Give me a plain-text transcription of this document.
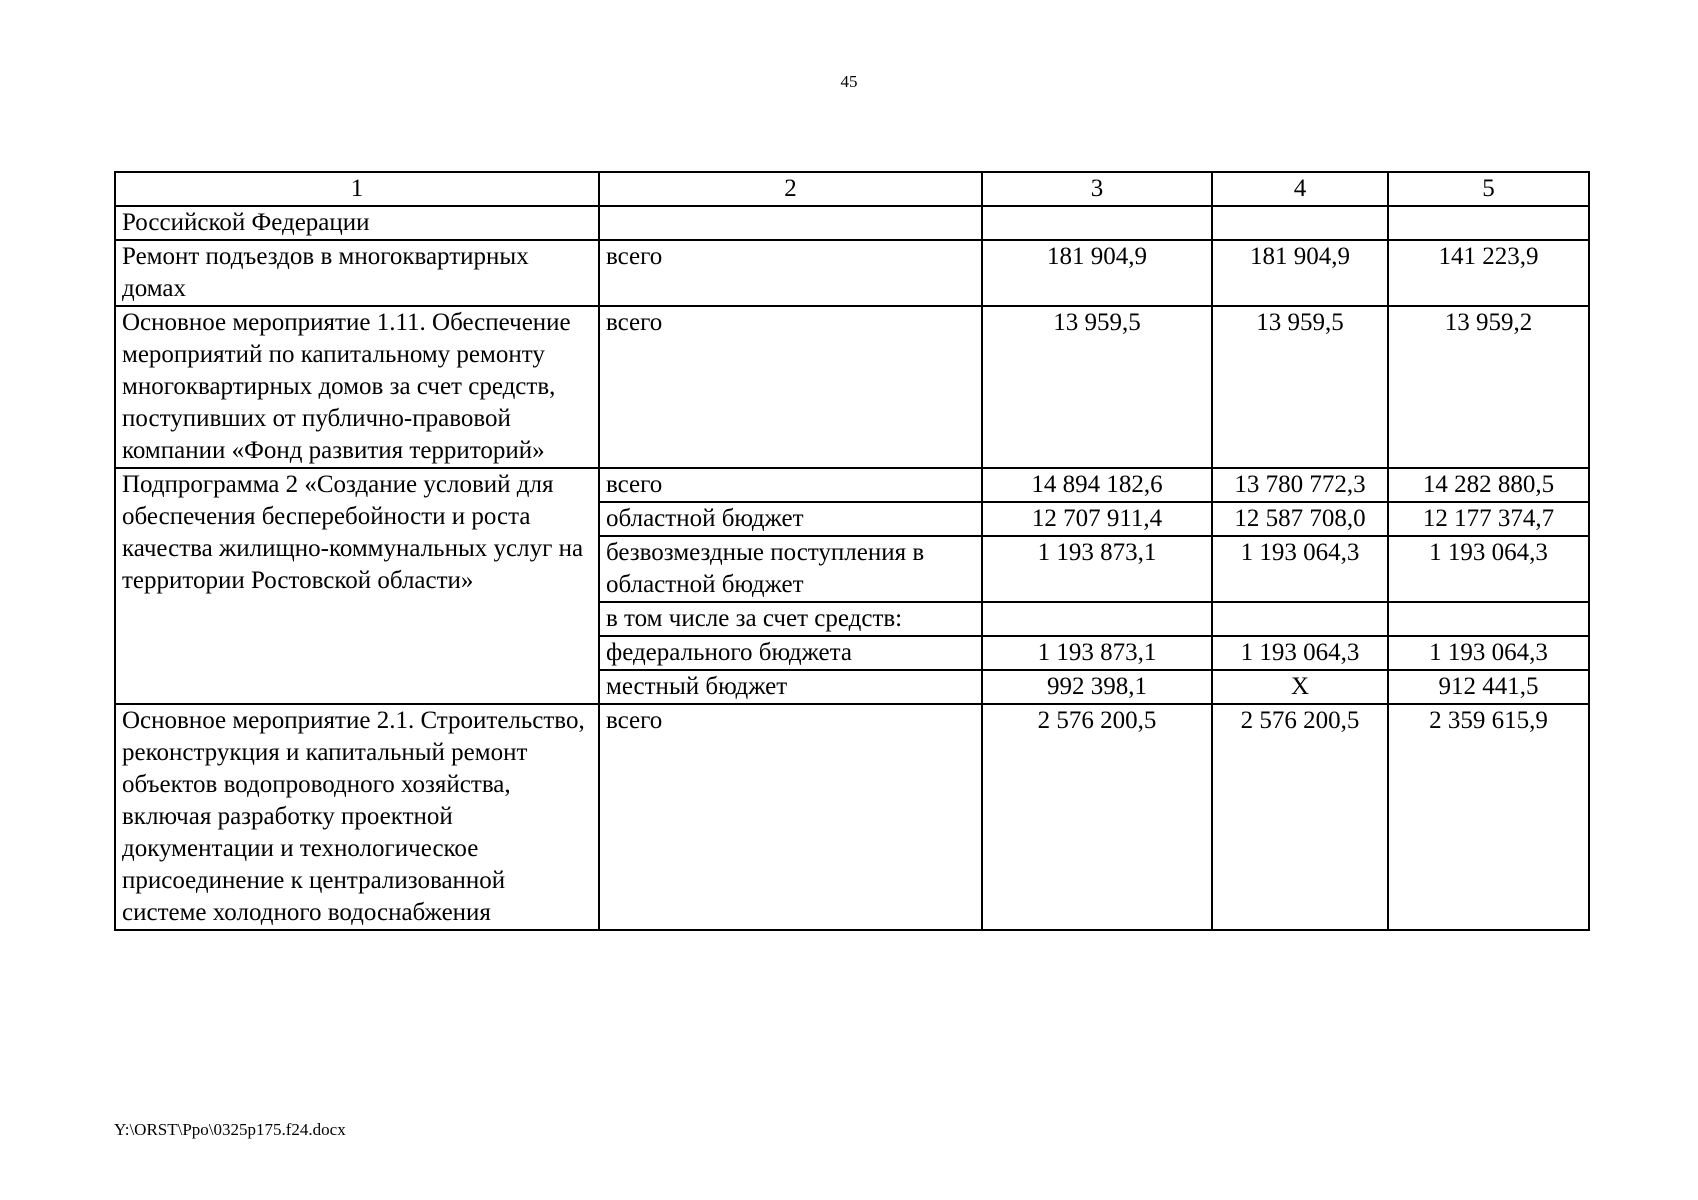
45
1	2	3	4	5
Российской Федерации				
Ремонт подъездов в многоквартирных домах	всего	181 904,9	181 904,9	141 223,9
Основное мероприятие 1.11. Обеспечение мероприятий по капитальному ремонту многоквартирных домов за счет средств, поступивших от публично-правовой компании «Фонд развития территорий»	всего	13 959,5	13 959,5	13 959,2
Подпрограмма 2 «Создание условий для обеспечения бесперебойности и роста качества жилищно-коммунальных услуг на территории Ростовской области»	всего	14 894 182,6	13 780 772,3	14 282 880,5
	областной бюджет	12 707 911,4	12 587 708,0	12 177 374,7
	безвозмездные поступления в областной бюджет	1 193 873,1	1 193 064,3	1 193 064,3
	в том числе за счет средств:			
	федерального бюджета	1 193 873,1	1 193 064,3	1 193 064,3
	местный бюджет	992 398,1	X	912 441,5
Основное мероприятие 2.1. Строительство, реконструкция и капитальный ремонт объектов водопроводного хозяйства, включая разработку проектной документации и технологическое присоединение к централизованной системе холодного водоснабжения	всего	2 576 200,5	2 576 200,5	2 359 615,9
Y:\ORST\Ppo\0325p175.f24.docx
